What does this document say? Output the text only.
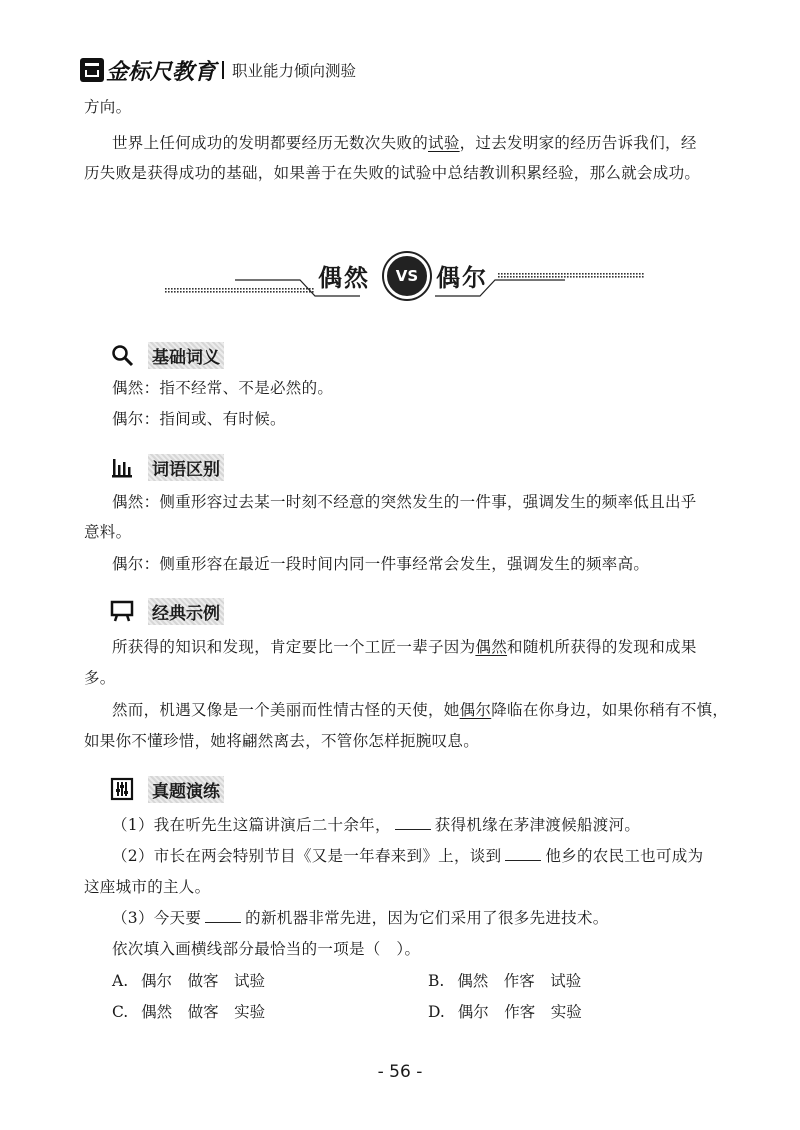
金标尺教育 职业能力倾向测验
方向。
世界上任何成功的发明都要经历无数次失败的试验，过去发明家的经历告诉我们，经
历失败是获得成功的基础，如果善于在失败的试验中总结教训积累经验，那么就会成功。
偶然	VS 偶尔
基础词义
偶然：指不经常、不是必然的。
偶尔：指间或、有时候。
词语区别
偶然：侧重形容过去某一时刻不经意的突然发生的一件事，强调发生的频率低且出乎
意料。
偶尔：侧重形容在最近一段时间内同一件事经常会发生，强调发生的频率高。
经典示例
所获得的知识和发现，肯定要比一个工匠一辈子因为偶然和随机所获得的发现和成果
多。
然而，机遇又像是一个美丽而性情古怪的天使，她偶尔降临在你身边，如果你稍有不慎，
如果你不懂珍惜，她将翩然离去，不管你怎样扼腕叹息。
真题演练
（1）我在听先生这篇讲演后二十余年，	获得机缘在茅津渡候船渡河。
（2）市长在两会特别节目《又是一年春来到》上，谈到	他乡的农民工也可成为
这座城市的主人。
（3）今天要	的新机器非常先进，因为它们采用了很多先进技术。
依次填入画横线部分最恰当的一项是（　）。
A. 偶尔　做客　试验	B. 偶然　作客　试验
C. 偶然　做客　实验	D. 偶尔　作客　实验
- 56 -
